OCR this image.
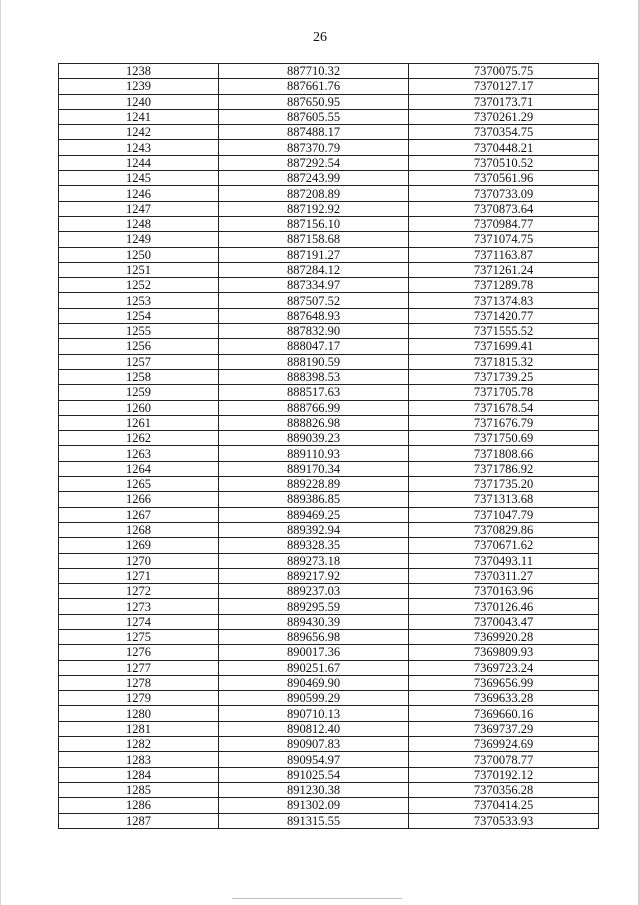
26
1238	887710.32	7370075.75
1239	887661.76	7370127.17
1240	887650.95	7370173.71
1241	887605.55	7370261.29
1242	887488.17	7370354.75
1243	887370.79	7370448.21
1244	887292.54	7370510.52
1245	887243.99	7370561.96
1246	887208.89	7370733.09
1247	887192.92	7370873.64
1248	887156.10	7370984.77
1249	887158.68	7371074.75
1250	887191.27	7371163.87
1251	887284.12	7371261.24
1252	887334.97	7371289.78
1253	887507.52	7371374.83
1254	887648.93	7371420.77
1255	887832.90	7371555.52
1256	888047.17	7371699.41
1257	888190.59	7371815.32
1258	888398.53	7371739.25
1259	888517.63	7371705.78
1260	888766.99	7371678.54
1261	888826.98	7371676.79
1262	889039.23	7371750.69
1263	889110.93	7371808.66
1264	889170.34	7371786.92
1265	889228.89	7371735.20
1266	889386.85	7371313.68
1267	889469.25	7371047.79
1268	889392.94	7370829.86
1269	889328.35	7370671.62
1270	889273.18	7370493.11
1271	889217.92	7370311.27
1272	889237.03	7370163.96
1273	889295.59	7370126.46
1274	889430.39	7370043.47
1275	889656.98	7369920.28
1276	890017.36	7369809.93
1277	890251.67	7369723.24
1278	890469.90	7369656.99
1279	890599.29	7369633.28
1280	890710.13	7369660.16
1281	890812.40	7369737.29
1282	890907.83	7369924.69
1283	890954.97	7370078.77
1284	891025.54	7370192.12
1285	891230.38	7370356.28
1286	891302.09	7370414.25
1287	891315.55	7370533.93
